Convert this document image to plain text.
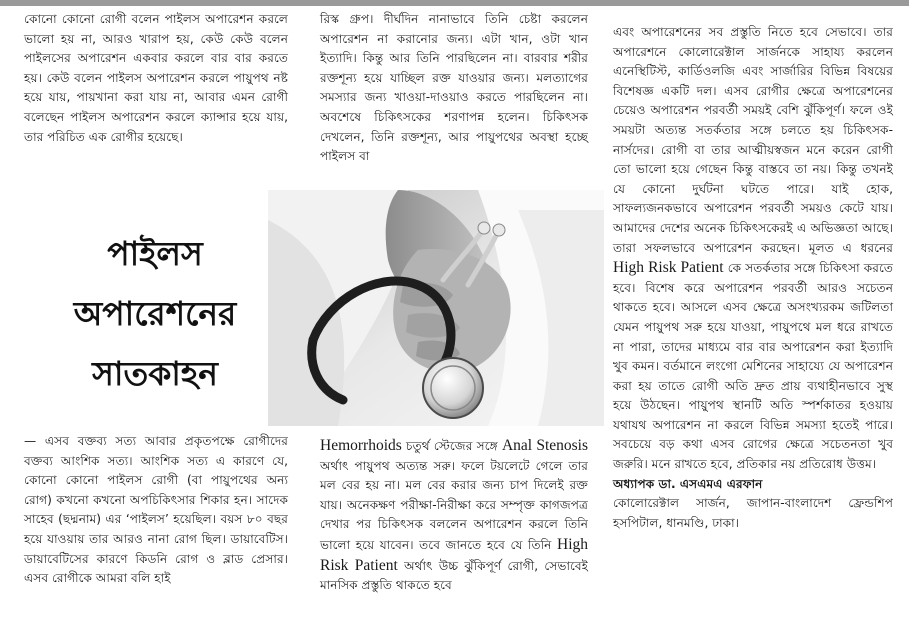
কোনো কোনো রোগী বলেন পাইলস অপারেশন করলে ভালো হয় না, আরও খারাপ হয়, কেউ কেউ বলেন পাইলসের অপারেশন একবার করলে বার বার করতে হয়। কেউ বলেন পাইলস অপারেশন করলে পায়ুপথ নষ্ট হয়ে যায়, পায়খানা করা যায় না, আবার এমন রোগী বলেছেন পাইলস অপারেশন করলে ক্যান্সার হয়ে যায়, তার পরিচিত এক রোগীর হয়েছে।

রিস্ক গ্রুপ। দীর্ঘদিন নানাভাবে তিনি চেষ্টা করলেন অপারেশন না করানোর জন্য। এটা খান, ওটা খান ইত্যাদি। কিন্তু আর তিনি পারছিলেন না। বারবার শরীর রক্তশূন্য হয়ে যাচ্ছিল রক্ত যাওয়ার জন্য। মলত্যাগের সমস্যার জন্য খাওয়া-দাওয়াও করতে পারছিলেন না। অবশেষে চিকিৎসকের শরণাপন্ন হলেন। চিকিৎসক দেখলেন, তিনি রক্তশূন্য, আর পায়ুপথের অবস্থা হচ্ছে পাইলস বা

পাইলস
অপারেশনের
সাতকাহন

— এসব বক্তব্য সত্য আবার প্রকৃতপক্ষে রোগীদের বক্তব্য আংশিক সত্য। আংশিক সত্য এ কারণে যে, কোনো কোনো পাইলস রোগী (বা পায়ুপথের অন্য রোগ) কখনো কখনো অপচিকিৎসার শিকার হন। সাদেক সাহেব (ছদ্মনাম) এর ‘পাইলস’ হয়েছিল। বয়স ৮০ বছর হয়ে যাওয়ায় তার আরও নানা রোগ ছিল। ডায়াবেটিস। ডায়াবেটিসের কারণে কিডনি রোগ ও ব্লাড প্রেসার। এসব রোগীকে আমরা বলি হাই

Hemorrhoids চতুর্থ স্টেজের সঙ্গে Anal Stenosis অর্থাৎ পায়ুপথ অত্যন্ত সরু। ফলে টয়লেটে গেলে তার মল বের হয় না। মল বের করার জন্য চাপ দিলেই রক্ত যায়। অনেকক্ষণ পরীক্ষা-নিরীক্ষা করে সম্পৃক্ত কাগজপত্র দেখার পর চিকিৎসক বললেন অপারেশন করলে তিনি ভালো হয়ে যাবেন। তবে জানতে হবে যে তিনি High Risk Patient অর্থাৎ উচ্চ ঝুঁকিপূর্ণ রোগী, সেভাবেই মানসিক প্রস্তুতি থাকতে হবে

এবং অপারেশনের সব প্রস্তুতি নিতে হবে সেভাবে। তার অপারেশনে কোলোরেক্টাল সার্জনকে সাহায্য করলেন এনেস্থিটিস্ট, কার্ডিওলজি এবং সার্জারির বিভিন্ন বিষয়ের বিশেষজ্ঞ একটি দল। এসব রোগীর ক্ষেত্রে অপারেশনের চেয়েও অপারেশন পরবর্তী সময়ই বেশি ঝুঁকিপূর্ণ। ফলে ওই সময়টা অত্যন্ত সতর্কতার সঙ্গে চলতে হয় চিকিৎসক-নার্সদের। রোগী বা তার আত্মীয়স্বজন মনে করেন রোগী তো ভালো হয়ে গেছেন কিন্তু বাস্তবে তা নয়। কিন্তু তখনই যে কোনো দুর্ঘটনা ঘটতে পারে। যাই হোক, সাফল্যজনকভাবে অপারেশন পরবর্তী সময়ও কেটে যায়। আমাদের দেশের অনেক চিকিৎসকেরই এ অভিজ্ঞতা আছে। তারা সফলভাবে অপারেশন করছেন। মূলত এ ধরনের High Risk Patient কে সতর্কতার সঙ্গে চিকিৎসা করতে হবে। বিশেষ করে অপারেশন পরবর্তী আরও সচেতন থাকতে হবে। আসলে এসব ক্ষেত্রে অসংখ্যরকম জটিলতা যেমন পায়ুপথ সরু হয়ে যাওয়া, পায়ুপথে মল ধরে রাখতে না পারা, তাদের মাধ্যমে বার বার অপারেশন করা ইত্যাদি খুব কমন। বর্তমানে লংগো মেশিনের সাহায্যে যে অপারেশন করা হয় তাতে রোগী অতি দ্রুত প্রায় ব্যথাহীনভাবে সুস্থ হয়ে উঠছেন। পায়ুপথ স্থানটি অতি স্পর্শকাতর হওয়ায় যথাযথ অপারেশন না করলে বিভিন্ন সমস্যা হতেই পারে। সবচেয়ে বড় কথা এসব রোগের ক্ষেত্রে সচেতনতা খুব জরুরি। মনে রাখতে হবে, প্রতিকার নয় প্রতিরোধ উত্তম।

অধ্যাপক ডা. এসএমএ এরফান

কোলোরেক্টাল সার্জন, জাপান-বাংলাদেশ ফ্রেন্ডশিপ হসপিটাল, ধানমণ্ডি, ঢাকা।
